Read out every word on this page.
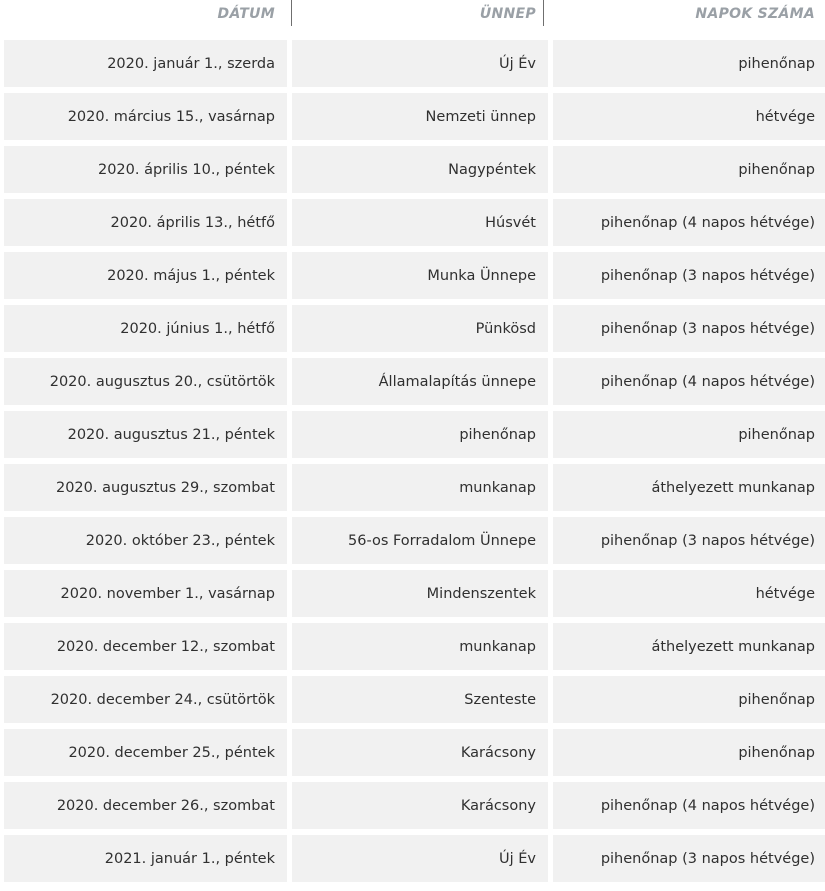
DÁTUM	ÜNNEP	NAPOK SZÁMA
2020. január 1., szerda	Új Év	pihenőnap
2020. március 15., vasárnap	Nemzeti ünnep	hétvége
2020. április 10., péntek	Nagypéntek	pihenőnap
2020. április 13., hétfő	Húsvét	pihenőnap (4 napos hétvége)
2020. május 1., péntek	Munka Ünnepe	pihenőnap (3 napos hétvége)
2020. június 1., hétfő	Pünkösd	pihenőnap (3 napos hétvége)
2020. augusztus 20., csütörtök	Államalapítás ünnepe	pihenőnap (4 napos hétvége)
2020. augusztus 21., péntek	pihenőnap	pihenőnap
2020. augusztus 29., szombat	munkanap	áthelyezett munkanap
2020. október 23., péntek	56-os Forradalom Ünnepe	pihenőnap (3 napos hétvége)
2020. november 1., vasárnap	Mindenszentek	hétvége
2020. december 12., szombat	munkanap	áthelyezett munkanap
2020. december 24., csütörtök	Szenteste	pihenőnap
2020. december 25., péntek	Karácsony	pihenőnap
2020. december 26., szombat	Karácsony	pihenőnap (4 napos hétvége)
2021. január 1., péntek	Új Év	pihenőnap (3 napos hétvége)
